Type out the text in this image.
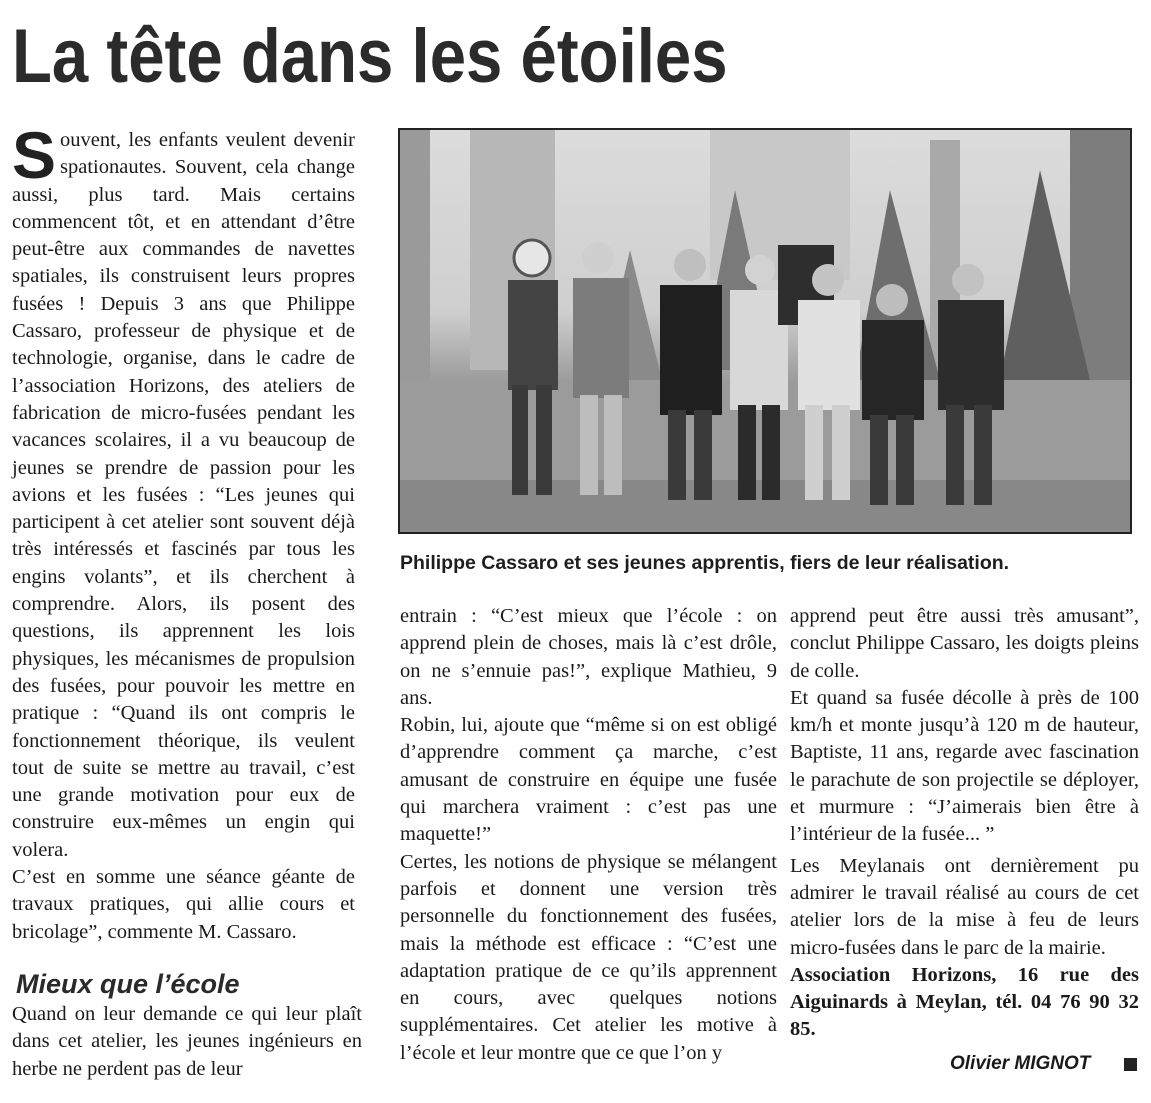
La tête dans les étoiles
S ouvent, les enfants veulent devenir spationautes. Souvent, cela change aussi, plus tard. Mais certains commencent tôt, et en attendant d’être peut-être aux commandes de navettes spatiales, ils construisent leurs propres fusées ! Depuis 3 ans que Philippe Cassaro, professeur de physique et de technologie, organise, dans le cadre de l’association Horizons, des ateliers de fabrication de micro-fusées pendant les vacances scolaires, il a vu beaucoup de jeunes se prendre de passion pour les avions et les fusées : “Les jeunes qui participent à cet atelier sont souvent déjà très intéressés et fascinés par tous les engins volants”, et ils cherchent à comprendre. Alors, ils posent des questions, ils apprennent les lois physiques, les mécanismes de propulsion des fusées, pour pouvoir les mettre en pratique : “Quand ils ont compris le fonctionnement théorique, ils veulent tout de suite se mettre au travail, c’est une grande motivation pour eux de construire eux-mêmes un engin qui volera.

C’est en somme une séance géante de travaux pratiques, qui allie cours et bricolage”, commente M. Cassaro.

Mieux que l’école

Quand on leur demande ce qui leur plaît dans cet atelier, les jeunes ingénieurs en herbe ne perdent pas de leur

Philippe Cassaro et ses jeunes apprentis, fiers de leur réalisation.

entrain : “C’est mieux que l’école : on apprend plein de choses, mais là c’est drôle, on ne s’ennuie pas!”, explique Mathieu, 9 ans.

Robin, lui, ajoute que “même si on est obligé d’apprendre comment ça marche, c’est amusant de construire en équipe une fusée qui marchera vraiment : c’est pas une maquette!”

Certes, les notions de physique se mélangent parfois et donnent une version très personnelle du fonctionnement des fusées, mais la méthode est efficace : “C’est une adaptation pratique de ce qu’ils apprennent en cours, avec quelques notions supplémentaires. Cet atelier les motive à l’école et leur montre que ce que l’on y

apprend peut être aussi très amusant”, conclut Philippe Cassaro, les doigts pleins de colle.

Et quand sa fusée décolle à près de 100 km/h et monte jusqu’à 120 m de hauteur, Baptiste, 11 ans, regarde avec fascination le parachute de son projectile se déployer, et murmure : “J’aimerais bien être à l’intérieur de la fusée... ”

Les Meylanais ont dernièrement pu admirer le travail réalisé au cours de cet atelier lors de la mise à feu de leurs micro-fusées dans le parc de la mairie.

Association Horizons, 16 rue des Aiguinards à Meylan, tél. 04 76 90 32 85.

Olivier MIGNOT
